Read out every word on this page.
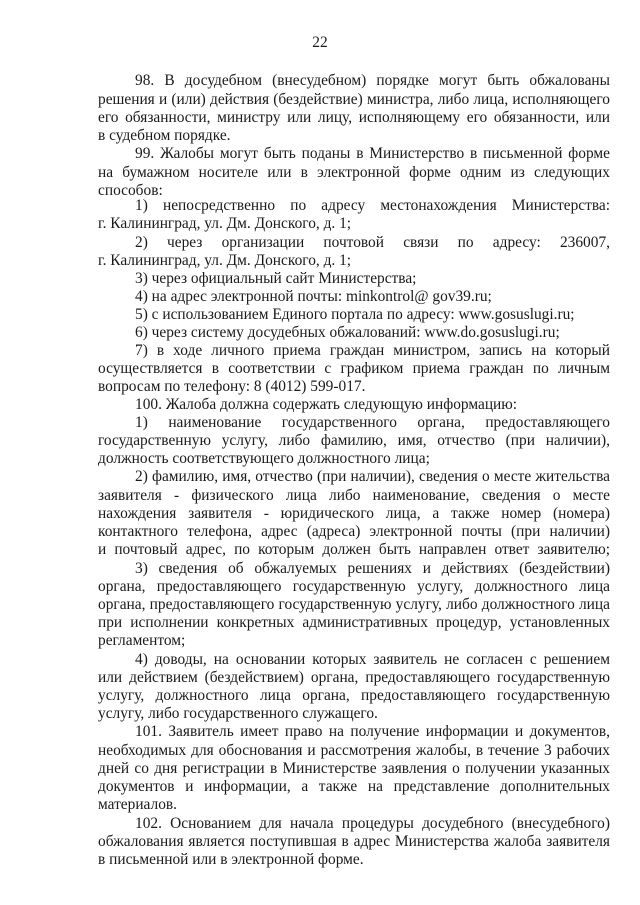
22
98. В досудебном (внесудебном) порядке могут быть обжалованы
решения и (или) действия (бездействие) министра, либо лица, исполняющего
его обязанности, министру или лицу, исполняющему его обязанности, или
в судебном порядке.
99. Жалобы могут быть поданы в Министерство в письменной форме
на бумажном носителе или в электронной форме одним из следующих
способов:
1) непосредственно по адресу местонахождения Министерства:
г. Калининград, ул. Дм. Донского, д. 1;
2) через организации почтовой связи по адресу: 236007,
г. Калининград, ул. Дм. Донского, д. 1;
3) через официальный сайт Министерства;
4) на адрес электронной почты: minkontrol@ gov39.ru;
5) с использованием Единого портала по адресу: www.gosuslugi.ru;
6) через систему досудебных обжалований: www.do.gosuslugi.ru;
7) в ходе личного приема граждан министром, запись на который
осуществляется в соответствии с графиком приема граждан по личным
вопросам по телефону: 8 (4012) 599-017.
100. Жалоба должна содержать следующую информацию:
1) наименование государственного органа, предоставляющего
государственную услугу, либо фамилию, имя, отчество (при наличии),
должность соответствующего должностного лица;
2) фамилию, имя, отчество (при наличии), сведения о месте жительства
заявителя - физического лица либо наименование, сведения о месте
нахождения заявителя - юридического лица, а также номер (номера)
контактного телефона, адрес (адреса) электронной почты (при наличии)
и почтовый адрес, по которым должен быть направлен ответ заявителю;
3) сведения об обжалуемых решениях и действиях (бездействии)
органа, предоставляющего государственную услугу, должностного лица
органа, предоставляющего государственную услугу, либо должностного лица
при исполнении конкретных административных процедур, установленных
регламентом;
4) доводы, на основании которых заявитель не согласен с решением
или действием (бездействием) органа, предоставляющего государственную
услугу, должностного лица органа, предоставляющего государственную
услугу, либо государственного служащего.
101. Заявитель имеет право на получение информации и документов,
необходимых для обоснования и рассмотрения жалобы, в течение 3 рабочих
дней со дня регистрации в Министерстве заявления о получении указанных
документов и информации, а также на представление дополнительных
материалов.
102. Основанием для начала процедуры досудебного (внесудебного)
обжалования является поступившая в адрес Министерства жалоба заявителя
в письменной или в электронной форме.
